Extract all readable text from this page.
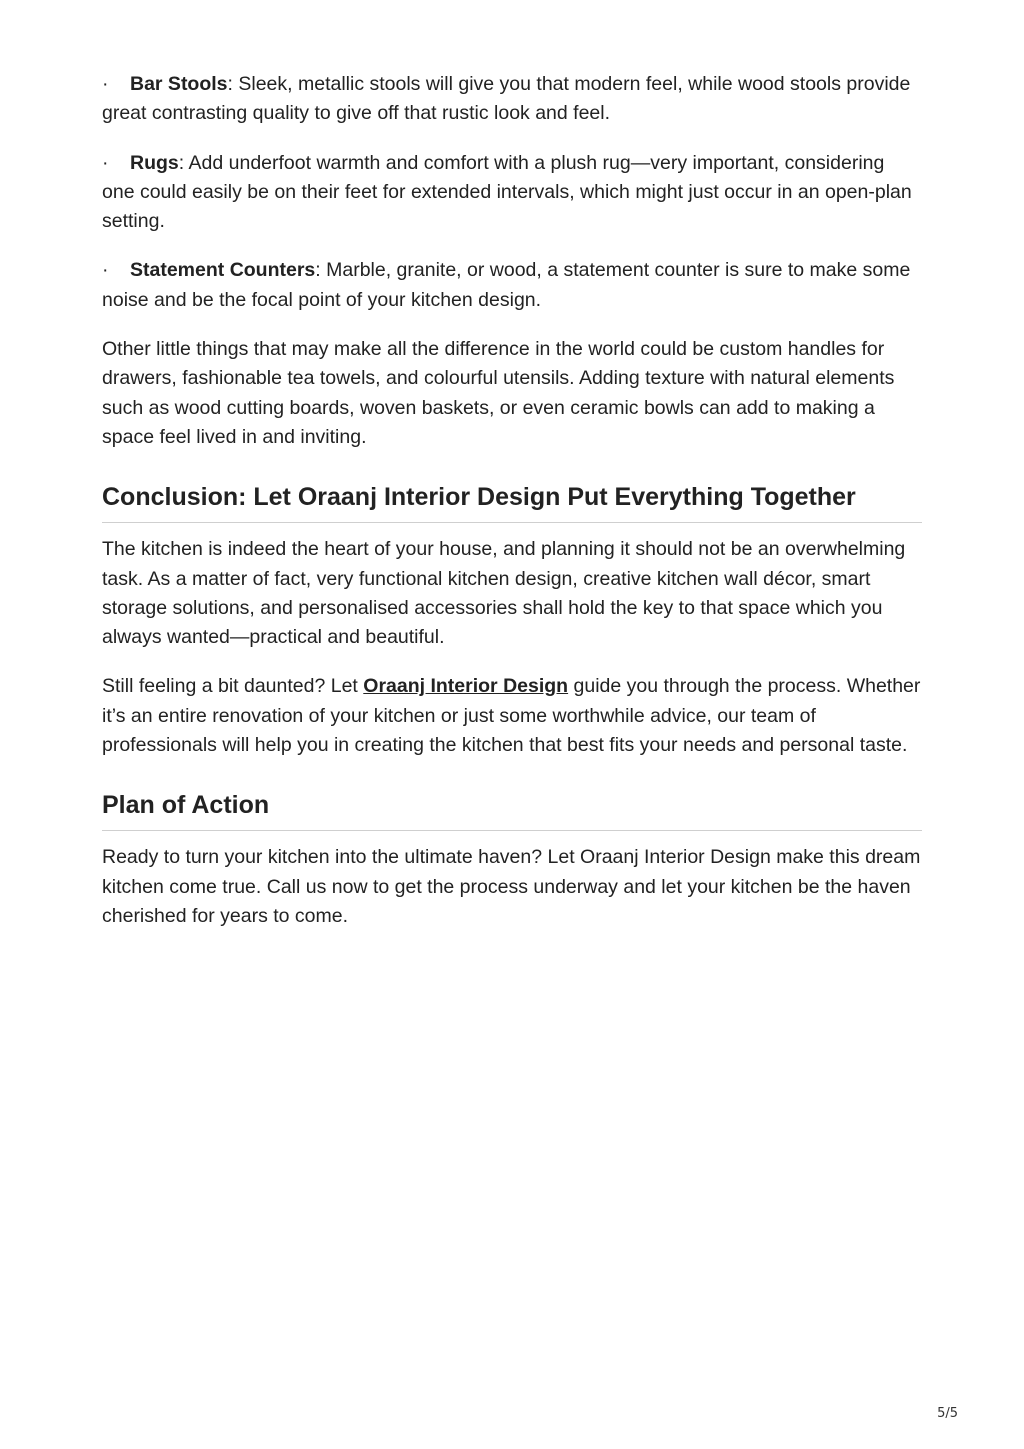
· Bar Stools: Sleek, metallic stools will give you that modern feel, while wood stools provide great contrasting quality to give off that rustic look and feel.

· Rugs: Add underfoot warmth and comfort with a plush rug—very important, considering one could easily be on their feet for extended intervals, which might just occur in an open-plan setting.

· Statement Counters: Marble, granite, or wood, a statement counter is sure to make some noise and be the focal point of your kitchen design.

Other little things that may make all the difference in the world could be custom handles for drawers, fashionable tea towels, and colourful utensils. Adding texture with natural elements such as wood cutting boards, woven baskets, or even ceramic bowls can add to making a space feel lived in and inviting.

Conclusion: Let Oraanj Interior Design Put Everything Together

The kitchen is indeed the heart of your house, and planning it should not be an overwhelming task. As a matter of fact, very functional kitchen design, creative kitchen wall décor, smart storage solutions, and personalised accessories shall hold the key to that space which you always wanted—practical and beautiful.

Still feeling a bit daunted? Let Oraanj Interior Design guide you through the process. Whether it’s an entire renovation of your kitchen or just some worthwhile advice, our team of professionals will help you in creating the kitchen that best fits your needs and personal taste.

Plan of Action

Ready to turn your kitchen into the ultimate haven? Let Oraanj Interior Design make this dream kitchen come true. Call us now to get the process underway and let your kitchen be the haven cherished for years to come.

5/5
